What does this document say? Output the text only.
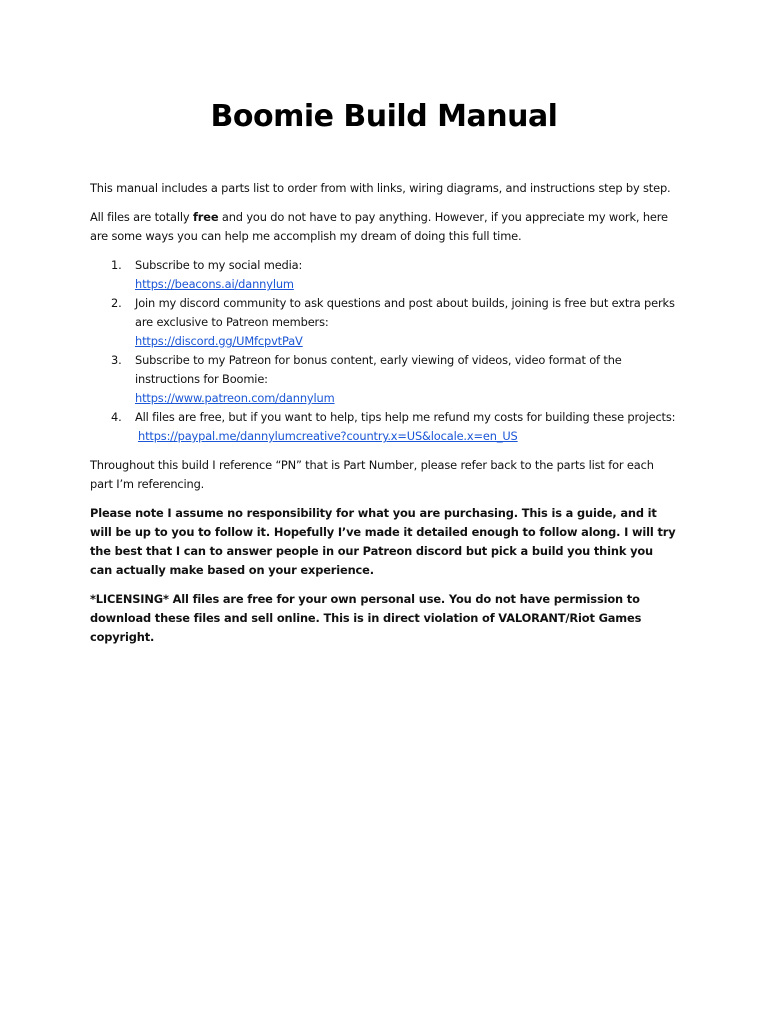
Boomie Build Manual

This manual includes a parts list to order from with links, wiring diagrams, and instructions step by step.

All files are totally free and you do not have to pay anything. However, if you appreciate my work, here are some ways you can help me accomplish my dream of doing this full time.

1. Subscribe to my social media:
https://beacons.ai/dannylum
2. Join my discord community to ask questions and post about builds, joining is free but extra perks are exclusive to Patreon members:
https://discord.gg/UMfcpvtPaV
3. Subscribe to my Patreon for bonus content, early viewing of videos, video format of the instructions for Boomie:
https://www.patreon.com/dannylum
4. All files are free, but if you want to help, tips help me refund my costs for building these projects:
https://paypal.me/dannylumcreative?country.x=US&locale.x=en_US

Throughout this build I reference “PN” that is Part Number, please refer back to the parts list for each part I’m referencing.

Please note I assume no responsibility for what you are purchasing. This is a guide, and it will be up to you to follow it. Hopefully I’ve made it detailed enough to follow along. I will try the best that I can to answer people in our Patreon discord but pick a build you think you can actually make based on your experience.

*LICENSING* All files are free for your own personal use. You do not have permission to download these files and sell online. This is in direct violation of VALORANT/Riot Games copyright.
